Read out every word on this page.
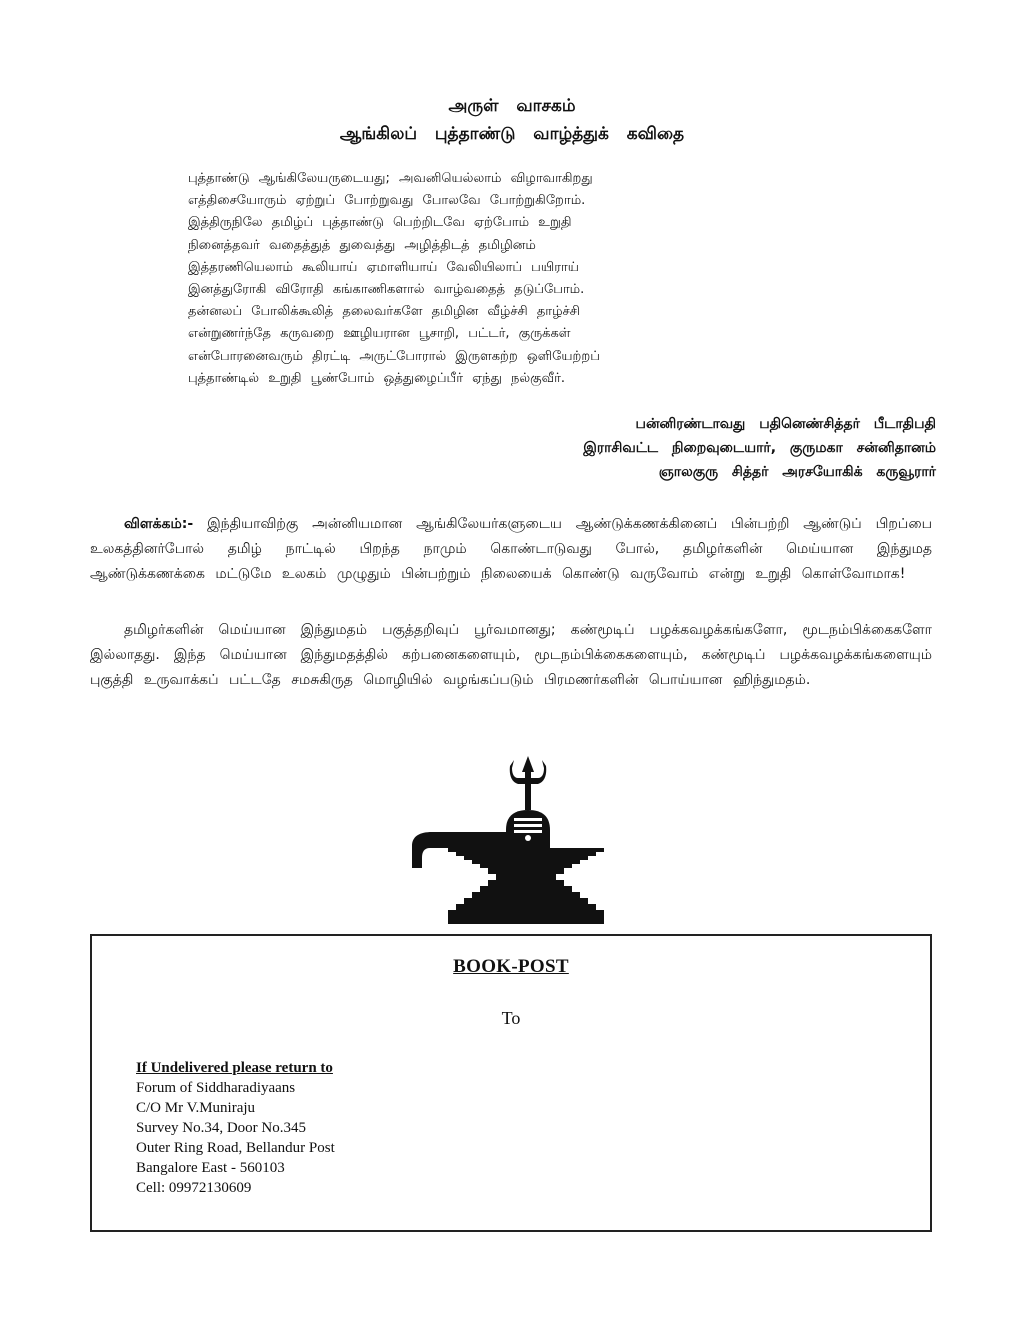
அருள் வாசகம்
ஆங்கிலப் புத்தாண்டு வாழ்த்துக் கவிதை
புத்தாண்டு ஆங்கிலேயருடையது; அவனியெல்லாம் விழாவாகிறது
எத்திசையோரும் ஏற்றுப் போற்றுவது போலவே போற்றுகிறோம்.
இத்திருநிலே தமிழ்ப் புத்தாண்டு பெற்றிடவே ஏற்போம் உறுதி
நினைத்தவர் வதைத்துத் துவைத்து அழித்திடத் தமிழினம்
இத்தரணியெலாம் கூலியாய் ஏமாளியாய் வேலியிலாப் பயிராய்
இனத்துரோகி விரோதி கங்காணிகளால் வாழ்வதைத் தடுப்போம்.
தன்னலப் போலிக்கூலித் தலைவர்களே தமிழின வீழ்ச்சி தாழ்ச்சி
என்றுணர்ந்தே கருவறை ஊழியரான பூசாறி, பட்டர், குருக்கள்
என்போரனைவரும் திரட்டி அருட்போரால் இருளகற்ற ஒளியேற்றப்
புத்தாண்டில் உறுதி பூண்போம் ஒத்துழைப்பீர் ஏந்து நல்குவீர்.
பன்னிரண்டாவது பதினெண்சித்தர் பீடாதிபதி
இராசிவட்ட நிறைவுடையார், குருமகா சன்னிதானம்
ஞாலகுரு சித்தர் அரசயோகிக் கருவூரார்
விளக்கம்:- இந்தியாவிற்கு அன்னியமான ஆங்கிலேயர்களுடைய ஆண்டுக்கணக்கினைப் பின்பற்றி ஆண்டுப் பிறப்பை உலகத்தினர்போல் தமிழ் நாட்டில் பிறந்த நாமும் கொண்டாடுவது போல், தமிழர்களின் மெய்யான இந்துமத ஆண்டுக்கணக்கை மட்டுமே உலகம் முழுதும் பின்பற்றும் நிலையைக் கொண்டு வருவோம் என்று உறுதி கொள்வோமாக!
தமிழர்களின் மெய்யான இந்துமதம் பகுத்தறிவுப் பூர்வமானது; கண்மூடிப் பழக்கவழக்கங்களோ, மூடநம்பிக்கைகளோ இல்லாதது. இந்த மெய்யான இந்துமதத்தில் கற்பனைகளையும், மூடநம்பிக்கைகளையும், கண்மூடிப் பழக்கவழக்கங்களையும் புகுத்தி உருவாக்கப் பட்டதே சமசுகிருத மொழியில் வழங்கப்படும் பிரமணர்களின் பொய்யான ஹிந்துமதம்.
BOOK-POST
To
If Undelivered please return to
Forum of Siddharadiyaans
C/O Mr V.Muniraju
Survey No.34, Door No.345
Outer Ring Road, Bellandur Post
Bangalore East - 560103
Cell: 09972130609
